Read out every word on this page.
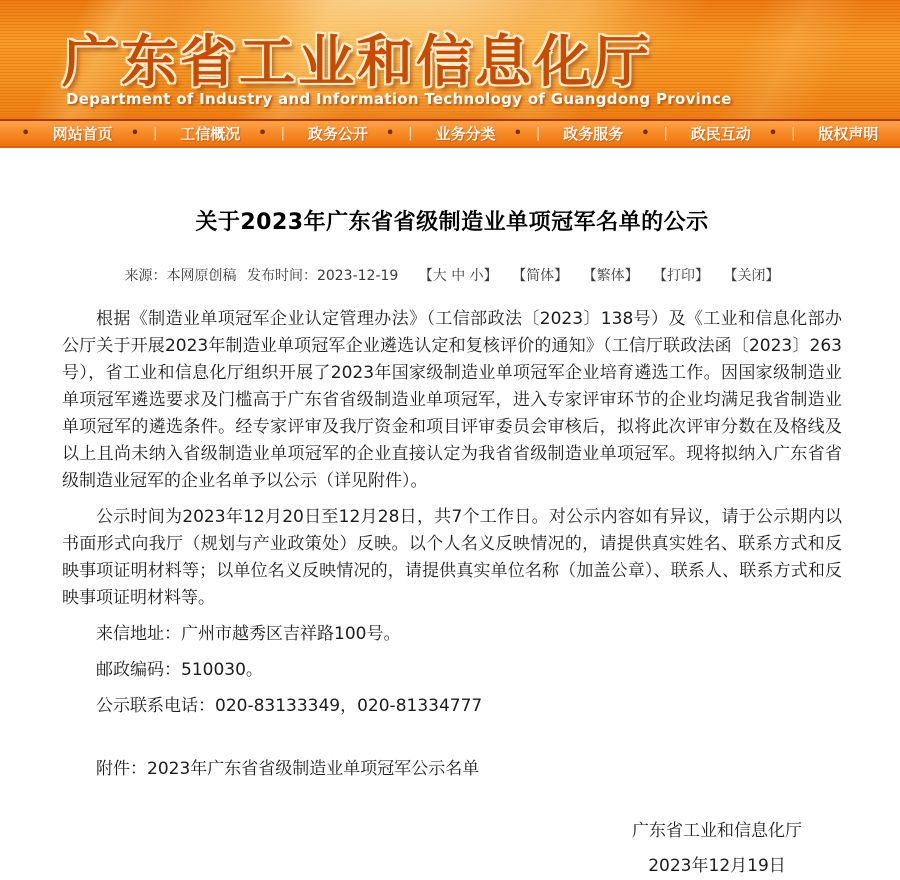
广东省工业和信息化厅
Department of Industry and Information Technology of Guangdong Province
• 网站首页 • | 工信概况 • | 政务公开 • | 业务分类 • | 政务服务 • | 政民互动 • | 版权声明
关于2023年广东省省级制造业单项冠军名单的公示
来源：本网原创稿 发布时间：2023-12-19 【大 中 小】 【简体】 【繁体】 【打印】 【关闭】

根据《制造业单项冠军企业认定管理办法》（工信部政法〔2023〕138号）及《工业和信息化部办公厅关于开展2023年制造业单项冠军企业遴选认定和复核评价的通知》（工信厅联政法函〔2023〕263号），省工业和信息化厅组织开展了2023年国家级制造业单项冠军企业培育遴选工作。因国家级制造业单项冠军遴选要求及门槛高于广东省省级制造业单项冠军，进入专家评审环节的企业均满足我省制造业单项冠军的遴选条件。经专家评审及我厅资金和项目评审委员会审核后，拟将此次评审分数在及格线及以上且尚未纳入省级制造业单项冠军的企业直接认定为我省省级制造业单项冠军。现将拟纳入广东省省级制造业冠军的企业名单予以公示（详见附件）。

公示时间为2023年12月20日至12月28日，共7个工作日。对公示内容如有异议，请于公示期内以书面形式向我厅（规划与产业政策处）反映。以个人名义反映情况的，请提供真实姓名、联系方式和反映事项证明材料等；以单位名义反映情况的，请提供真实单位名称（加盖公章）、联系人、联系方式和反映事项证明材料等。

来信地址：广州市越秀区吉祥路100号。

邮政编码：510030。

公示联系电话：020-83133349，020-81334777

附件：2023年广东省省级制造业单项冠军公示名单

广东省工业和信息化厅
2023年12月19日
